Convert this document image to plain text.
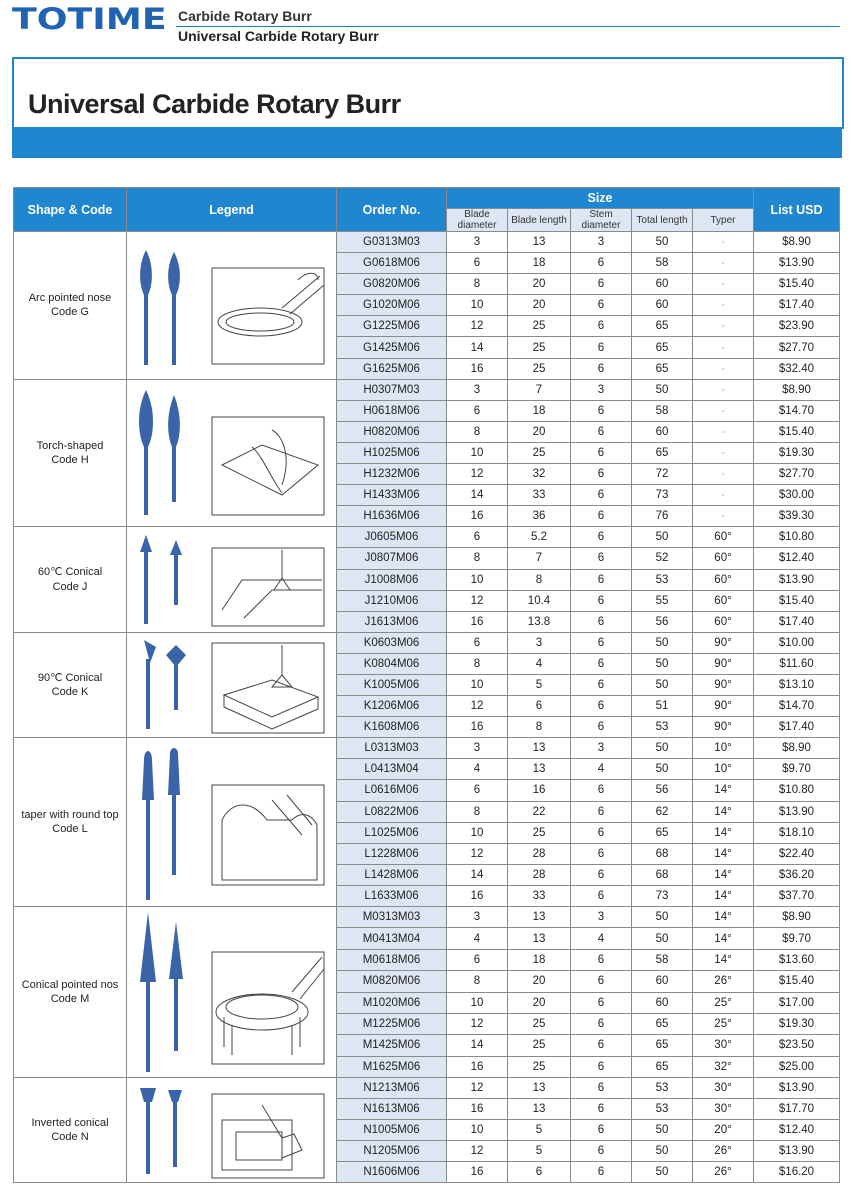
TOTIME Carbide Rotary Burr
Universal Carbide Rotary Burr
Universal Carbide Rotary Burr
Shape & Code	Legend	Order No.	Size					List USD
			Blade diameter	Blade length	Stem diameter	Total length	Typer	

Arc pointed nose
Code G		G0313M03	3	13	3	50	-	$8.90
		G0618M06	6	18	6	58	-	$13.90
		G0820M06	8	20	6	60	-	$15.40
		G1020M06	10	20	6	60	-	$17.40
		G1225M06	12	25	6	65	-	$23.90
		G1425M06	14	25	6	65	-	$27.70
		G1625M06	16	25	6	65	-	$32.40

Torch-shaped
Code H		H0307M03	3	7	3	50	-	$8.90
		H0618M06	6	18	6	58	-	$14.70
		H0820M06	8	20	6	60	-	$15.40
		H1025M06	10	25	6	65	-	$19.30
		H1232M06	12	32	6	72	-	$27.70
		H1433M06	14	33	6	73	-	$30.00
		H1636M06	16	36	6	76	-	$39.30

60℃ Conical
Code J		J0605M06	6	5.2	6	50	60°	$10.80
		J0807M06	8	7	6	52	60°	$12.40
		J1008M06	10	8	6	53	60°	$13.90
		J1210M06	12	10.4	6	55	60°	$15.40
		J1613M06	16	13.8	6	56	60°	$17.40

90℃ Conical
Code K		K0603M06	6	3	6	50	90°	$10.00
		K0804M06	8	4	6	50	90°	$11.60
		K1005M06	10	5	6	50	90°	$13.10
		K1206M06	12	6	6	51	90°	$14.70
		K1608M06	16	8	6	53	90°	$17.40

taper with round top
Code L		L0313M03	3	13	3	50	10°	$8.90
		L0413M04	4	13	4	50	10°	$9.70
		L0616M06	6	16	6	56	14°	$10.80
		L0822M06	8	22	6	62	14°	$13.90
		L1025M06	10	25	6	65	14°	$18.10
		L1228M06	12	28	6	68	14°	$22.40
		L1428M06	14	28	6	68	14°	$36.20
		L1633M06	16	33	6	73	14°	$37.70

Conical pointed nos
Code M		M0313M03	3	13	3	50	14°	$8.90
		M0413M04	4	13	4	50	14°	$9.70
		M0618M06	6	18	6	58	14°	$13.60
		M0820M06	8	20	6	60	26°	$15.40
		M1020M06	10	20	6	60	25°	$17.00
		M1225M06	12	25	6	65	25°	$19.30
		M1425M06	14	25	6	65	30°	$23.50
		M1625M06	16	25	6	65	32°	$25.00

Inverted conical
Code N		N1213M06	12	13	6	53	30°	$13.90
		N1613M06	16	13	6	53	30°	$17.70
		N1005M06	10	5	6	50	20°	$12.40
		N1205M06	12	5	6	50	26°	$13.90
		N1606M06	16	6	6	50	26°	$16.20
